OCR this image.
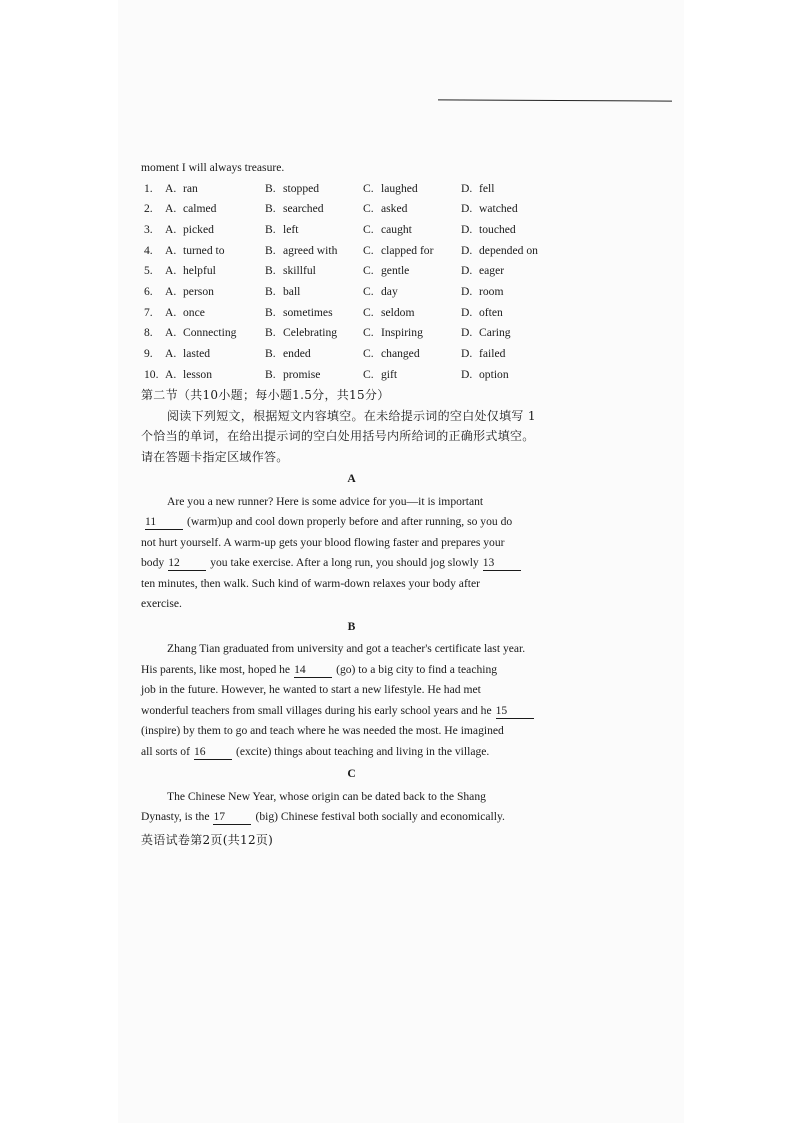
moment I will always treasure.
1. A. ran	B. stopped	C. laughed	D. fell
2. A. calmed	B. searched	C. asked	D. watched
3. A. picked	B. left	C. caught	D. touched
4. A. turned to	B. agreed with C. clapped for D. depended on
5. A. helpful	B. skillful	C. gentle	D. eager
6. A. person	B. ball	C. day	D. room
7. A. once	B. sometimes	C. seldom	D. often
8. A. Connecting B. Celebrating C. Inspiring	D. Caring
9. A. lasted	B. ended	C. changed	D. failed
10. A. lesson	B. promise	C. gift	D. option
第二节（共10小题；每小题1.5分，共15分）
阅读下列短文，根据短文内容填空。在未给提示词的空白处仅填写 1
个恰当的单词，在给出提示词的空白处用括号内所给词的正确形式填空。
请在答题卡指定区域作答。
A
Are you a new runner? Here is some advice for you—it is important
11	(warm)up and cool down properly before and after running, so you do
not hurt yourself. A warm-up gets your blood flowing faster and prepares your
body 12	you take exercise. After a long run, you should jog slowly 13
ten minutes, then walk. Such kind of warm-down relaxes your body after
exercise.
B
Zhang Tian graduated from university and got a teacher's certificate last year.
His parents, like most, hoped he 14	(go) to a big city to find a teaching
job in the future. However, he wanted to start a new lifestyle. He had met
wonderful teachers from small villages during his early school years and he 15
(inspire) by them to go and teach where he was needed the most. He imagined
all sorts of 16	(excite) things about teaching and living in the village.
C
The Chinese New Year, whose origin can be dated back to the Shang
Dynasty, is the 17	(big) Chinese festival both socially and economically.
英语试卷第2页(共12页)
